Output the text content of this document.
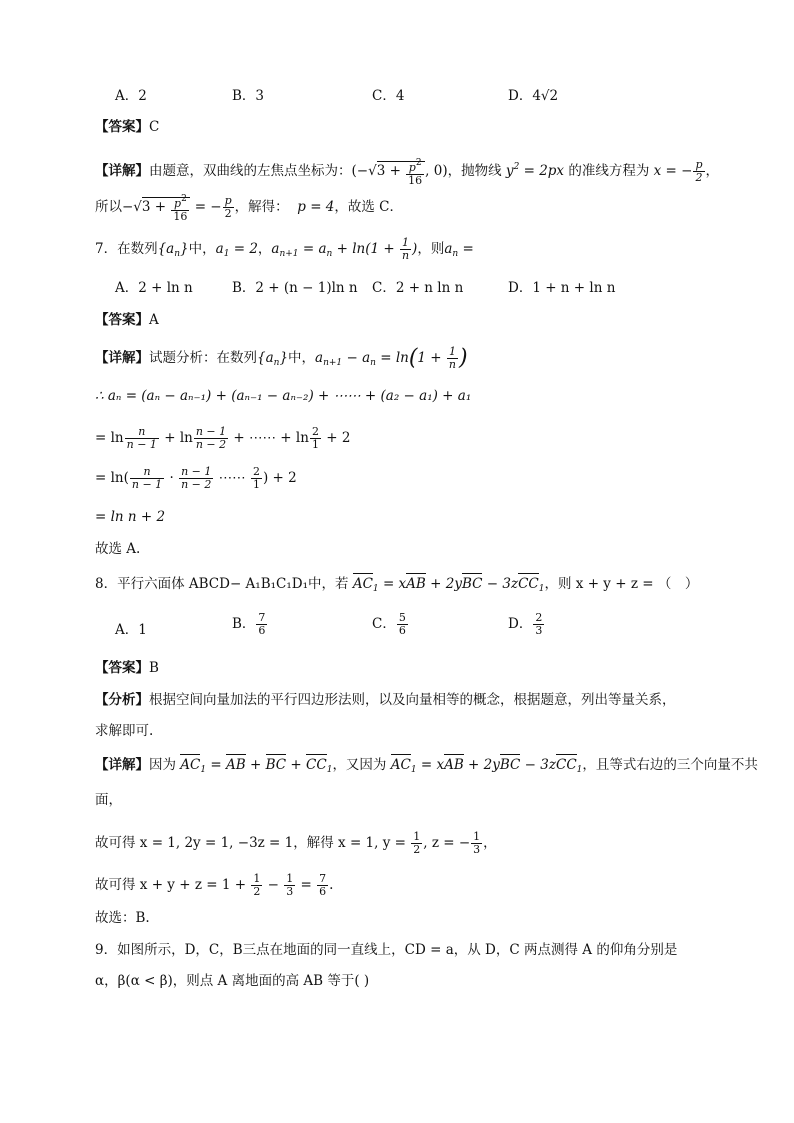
A．2	B．3	C．4	D．4√2
【答案】C
【详解】由题意，双曲线的左焦点坐标为：($-√3 + \frac{p^2}{16}$ , 0)，抛物线 $y^2 = 2px$ 的准线方程为 x = − $\frac{p}{2}$ ，
所以$-√3 + \frac{p^2}{16}$ = − $\frac{p}{2}$ ，解得： p = 4，故选 C．
7．在数列$\{a_n\}$中，$a_1 = 2$，$a_{n+1} = a_n + \ln(1 + \frac{1}{n}$ )，则$a_n$ =
A．2 + ln n	B．2 + (n − 1)ln n C．2 + n ln n	D．1 + n + ln n
【答案】A
【详解】试题分析：在数列$\{a_n\}$中，$a_{n+1} - a_n = \ln(1 + \frac{1}{n}$ )
∴ aₙ = (aₙ − aₙ₋₁) + (aₙ₋₁ − aₙ₋₂) + ⋯⋯ + (a₂ − a₁) + a₁
= $\ln \frac{n}{n - 1} + \ln \frac{n - 1}{n - 2}$ + ⋯⋯ + $\ln \frac{2}{1} + 2$
= $\ln( \frac{n}{n - 1} \cdot \frac{n - 1}{n - 2}$ ⋯⋯ $\frac{2}{1}$ ) + 2
= ln n + 2
故选 A.
8．平行六面体 ABCD− A₁B₁C₁D₁中，若 $AC_1$ = xAB + 2yBC − 3zCC$_1$，则 x + y + z = （　）
A．1	B． $\frac{7}{6}$	C． $\frac{5}{6}$	D． $\frac{2}{3}$
【答案】B
【分析】根据空间向量加法的平行四边形法则，以及向量相等的概念，根据题意，列出等量关系，
求解即可.
【详解】因为 $AC_1$ = AB + BC + $CC_1$，又因为 $AC_1$ = xAB + 2yBC − 3zCC$_1$，且等式右边的三个向量不共
面，
故可得 x = 1, 2y = 1, −3z = 1，解得 x = 1, $y = \frac{1}{2}$ , z = − $\frac{1}{3}$ ，
故可得 $x + y + z = 1 + \frac{1}{2} - \frac{1}{3} = \frac{7}{6}$ .
故选：B.
9．如图所示，D，C，B三点在地面的同一直线上，CD = a，从 D，C 两点测得 A 的仰角分别是
α，β(α < β)，则点 A 离地面的高 AB 等于( )
